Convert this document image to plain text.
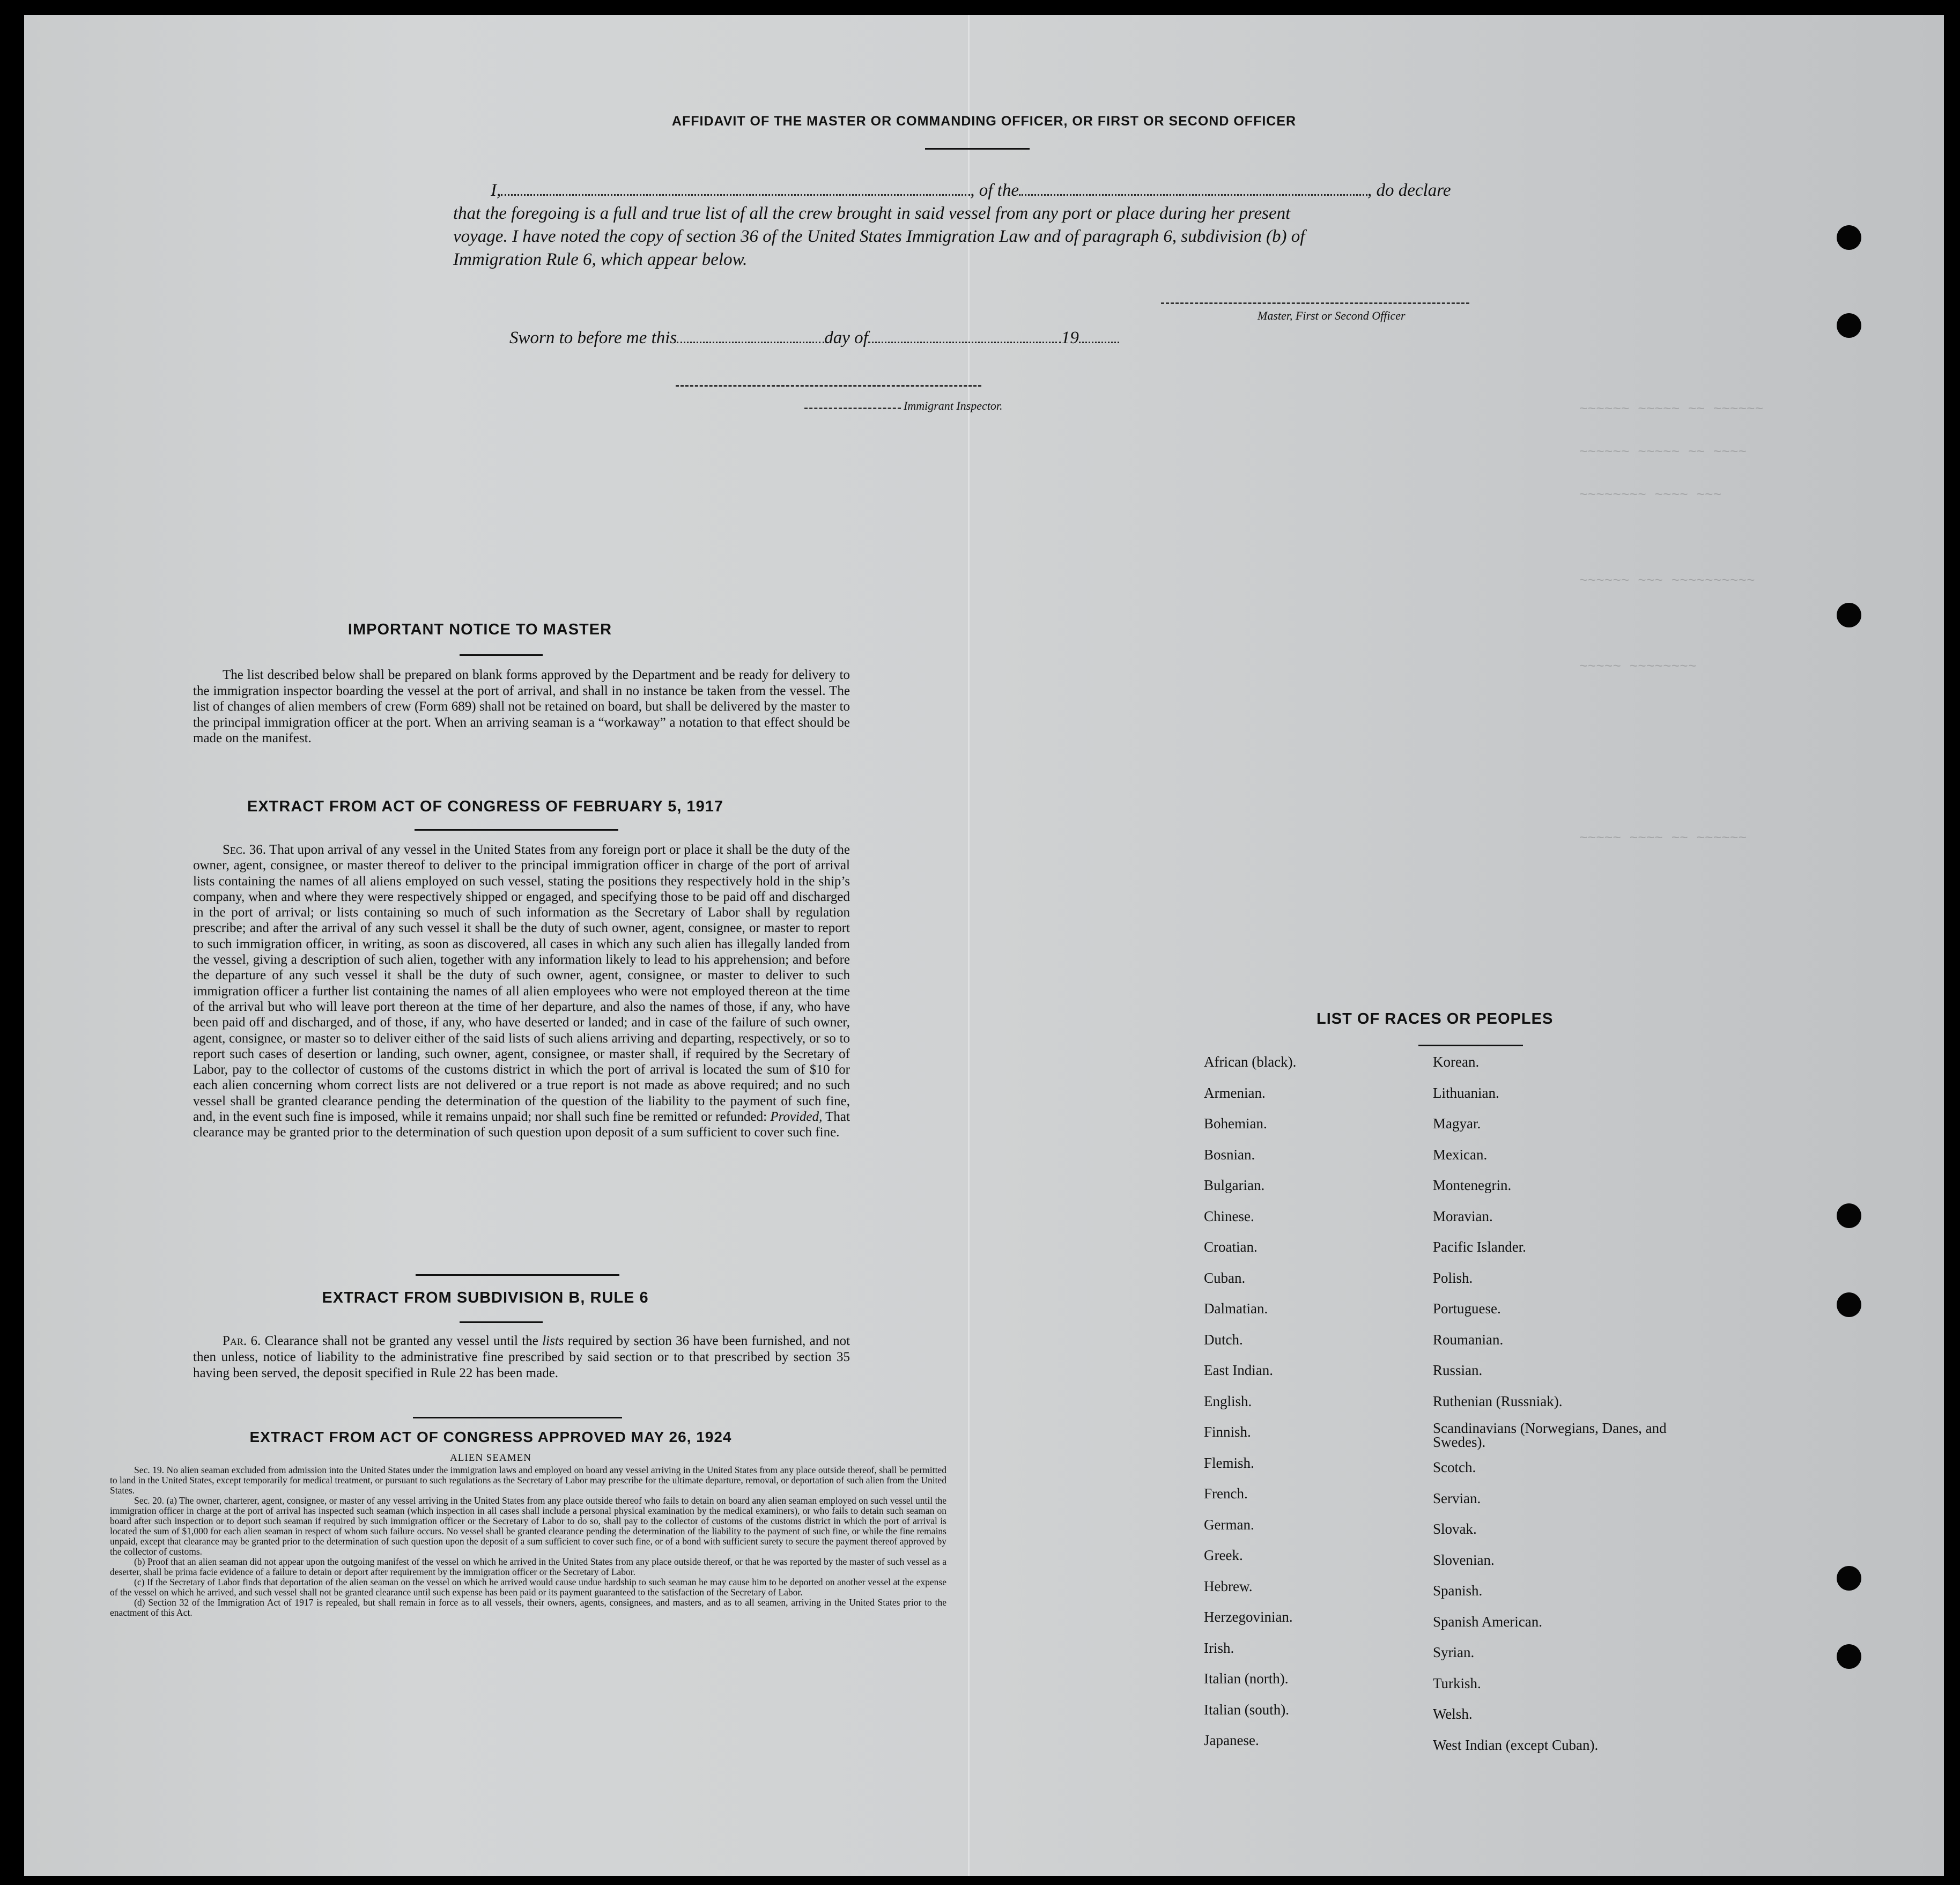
~~~~~~ ~~~~~ ~~ ~~~~~~
~~~~~~ ~~~~~ ~~ ~~~~
~~~~~~~~ ~~~~ ~~~
~~~~~~ ~~~ ~~~~~~~~~~
~~~~~ ~~~~~~~~
~~~~~ ~~~~ ~~ ~~~~~~
AFFIDAVIT OF THE MASTER OR COMMANDING OFFICER, OR FIRST OR SECOND OFFICER
I,	, of the	, do declare
that the foregoing is a full and true list of all the crew brought in said vessel from any port or place during her present
voyage. I have noted the copy of section 36 of the United States Immigration Law and of paragraph 6, subdivision (b) of
Immigration Rule 6, which appear below.
Master, First or Second Officer
Sworn to before me this	day of	19
Immigrant Inspector.
IMPORTANT NOTICE TO MASTER
The list described below shall be prepared on blank forms approved by the Department and be ready for delivery to the immigration inspector boarding the vessel at the port of arrival, and shall in no instance be taken from the vessel. The list of changes of alien members of crew (Form 689) shall not be retained on board, but shall be delivered by the master to the principal immigration officer at the port. When an arriving seaman is a “workaway” a notation to that effect should be made on the manifest.
EXTRACT FROM ACT OF CONGRESS OF FEBRUARY 5, 1917
Sec. 36. That upon arrival of any vessel in the United States from any foreign port or place it shall be the duty of the owner, agent, consignee, or master thereof to deliver to the principal immigration officer in charge of the port of arrival lists containing the names of all aliens employed on such vessel, stating the positions they respectively hold in the ship’s company, when and where they were respectively shipped or engaged, and specifying those to be paid off and discharged in the port of arrival; or lists containing so much of such information as the Secretary of Labor shall by regulation prescribe; and after the arrival of any such vessel it shall be the duty of such owner, agent, consignee, or master to report to such immigration officer, in writing, as soon as discovered, all cases in which any such alien has illegally landed from the vessel, giving a description of such alien, together with any information likely to lead to his apprehension; and before the departure of any such vessel it shall be the duty of such owner, agent, consignee, or master to deliver to such immigration officer a further list containing the names of all alien employees who were not employed thereon at the time of the arrival but who will leave port thereon at the time of her departure, and also the names of those, if any, who have been paid off and discharged, and of those, if any, who have deserted or landed; and in case of the failure of such owner, agent, consignee, or master so to deliver either of the said lists of such aliens arriving and departing, respectively, or so to report such cases of desertion or landing, such owner, agent, consignee, or master shall, if required by the Secretary of Labor, pay to the collector of customs of the customs district in which the port of arrival is located the sum of $10 for each alien concerning whom correct lists are not delivered or a true report is not made as above required; and no such vessel shall be granted clearance pending the determination of the question of the liability to the payment of such fine, and, in the event such fine is imposed, while it remains unpaid; nor shall such fine be remitted or refunded: Provided, That clearance may be granted prior to the determination of such question upon deposit of a sum sufficient to cover such fine.
EXTRACT FROM SUBDIVISION B, RULE 6
Par. 6. Clearance shall not be granted any vessel until the lists required by section 36 have been furnished, and not then unless, notice of liability to the administrative fine prescribed by said section or to that prescribed by section 35 having been served, the deposit specified in Rule 22 has been made.
EXTRACT FROM ACT OF CONGRESS APPROVED MAY 26, 1924
ALIEN SEAMEN
Sec. 19. No alien seaman excluded from admission into the United States under the immigration laws and employed on board any vessel arriving in the United States from any place outside thereof, shall be permitted to land in the United States, except temporarily for medical treatment, or pursuant to such regulations as the Secretary of Labor may prescribe for the ultimate departure, removal, or deportation of such alien from the United States.
Sec. 20. (a) The owner, charterer, agent, consignee, or master of any vessel arriving in the United States from any place outside thereof who fails to detain on board any alien seaman employed on such vessel until the immigration officer in charge at the port of arrival has inspected such seaman (which inspection in all cases shall include a personal physical examination by the medical examiners), or who fails to detain such seaman on board after such inspection or to deport such seaman if required by such immigration officer or the Secretary of Labor to do so, shall pay to the collector of customs of the customs district in which the port of arrival is located the sum of $1,000 for each alien seaman in respect of whom such failure occurs. No vessel shall be granted clearance pending the determination of the liability to the payment of such fine, or while the fine remains unpaid, except that clearance may be granted prior to the determination of such question upon the deposit of a sum sufficient to cover such fine, or of a bond with sufficient surety to secure the payment thereof approved by the collector of customs.
(b) Proof that an alien seaman did not appear upon the outgoing manifest of the vessel on which he arrived in the United States from any place outside thereof, or that he was reported by the master of such vessel as a deserter, shall be prima facie evidence of a failure to detain or deport after requirement by the immigration officer or the Secretary of Labor.
(c) If the Secretary of Labor finds that deportation of the alien seaman on the vessel on which he arrived would cause undue hardship to such seaman he may cause him to be deported on another vessel at the expense of the vessel on which he arrived, and such vessel shall not be granted clearance until such expense has been paid or its payment guaranteed to the satisfaction of the Secretary of Labor.
(d) Section 32 of the Immigration Act of 1917 is repealed, but shall remain in force as to all vessels, their owners, agents, consignees, and masters, and as to all seamen, arriving in the United States prior to the enactment of this Act.
LIST OF RACES OR PEOPLES
African (black).
Armenian.
Bohemian.
Bosnian.
Bulgarian.
Chinese.
Croatian.
Cuban.
Dalmatian.
Dutch.
East Indian.
English.
Finnish.
Flemish.
French.
German.
Greek.
Hebrew.
Herzegovinian.
Irish.
Italian (north).
Italian (south).
Japanese.
Korean.
Lithuanian.
Magyar.
Mexican.
Montenegrin.
Moravian.
Pacific Islander.
Polish.
Portuguese.
Roumanian.
Russian.
Ruthenian (Russniak).
Scandinavians (Norwegians, Danes, and Swedes).
Scotch.
Servian.
Slovak.
Slovenian.
Spanish.
Spanish American.
Syrian.
Turkish.
Welsh.
West Indian (except Cuban).
